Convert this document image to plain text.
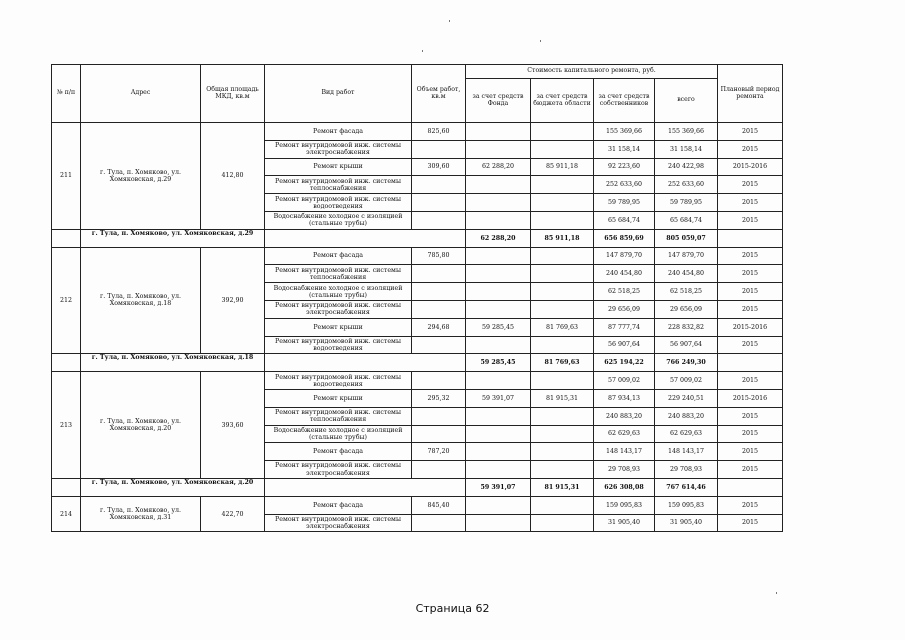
№ п/п	Адрес	Общая площадь МКД, кв.м	Вид работ	Объем работ, кв.м	Стоимость капитального ремонта, руб.				Плановый период ремонта
					за счет средств Фонда	за счет средств бюджета области	за счет средств собственников	всего	
211	г. Тула, п. Хомяково, ул. Хомяковская, д.29	412,80	Ремонт фасада	825,60			155 369,66	155 369,66	2015
			Ремонт внутридомовой инж. системы электроснабжения				31 158,14	31 158,14	2015
			Ремонт крыши	309,60	62 288,20	85 911,18	92 223,60	240 422,98	2015-2016
			Ремонт внутридомовой инж. системы теплоснабжения				252 633,60	252 633,60	2015
			Ремонт внутридомовой инж. системы водоотведения				59 789,95	59 789,95	2015
			Водоснабжение холодное с изоляцией (стальные трубы)				65 684,74	65 684,74	2015
	г. Тула, п. Хомяково, ул. Хомяковская, д.29				62 288,20	85 911,18	656 859,69	805 059,07	
212	г. Тула, п. Хомяково, ул. Хомяковская, д.18	392,90	Ремонт фасада	785,80			147 879,70	147 879,70	2015
			Ремонт внутридомовой инж. системы теплоснабжения				240 454,80	240 454,80	2015
			Водоснабжение холодное с изоляцией (стальные трубы)				62 518,25	62 518,25	2015
			Ремонт внутридомовой инж. системы электроснабжения				29 656,09	29 656,09	2015
			Ремонт крыши	294,68	59 285,45	81 769,63	87 777,74	228 832,82	2015-2016
			Ремонт внутридомовой инж. системы водоотведения				56 907,64	56 907,64	2015
	г. Тула, п. Хомяково, ул. Хомяковская, д.18				59 285,45	81 769,63	625 194,22	766 249,30	
213	г. Тула, п. Хомяково, ул. Хомяковская, д.20	393,60	Ремонт внутридомовой инж. системы водоотведения				57 009,02	57 009,02	2015
			Ремонт крыши	295,32	59 391,07	81 915,31	87 934,13	229 240,51	2015-2016
			Ремонт внутридомовой инж. системы теплоснабжения				240 883,20	240 883,20	2015
			Водоснабжение холодное с изоляцией (стальные трубы)				62 629,63	62 629,63	2015
			Ремонт фасада	787,20			148 143,17	148 143,17	2015
			Ремонт внутридомовой инж. системы электроснабжения				29 708,93	29 708,93	2015
	г. Тула, п. Хомяково, ул. Хомяковская, д.20				59 391,07	81 915,31	626 308,08	767 614,46	
214	г. Тула, п. Хомяково, ул. Хомяковская, д.31	422,70	Ремонт фасада	845,40			159 095,83	159 095,83	2015
			Ремонт внутридомовой инж. системы электроснабжения				31 905,40	31 905,40	2015
Страница 62
